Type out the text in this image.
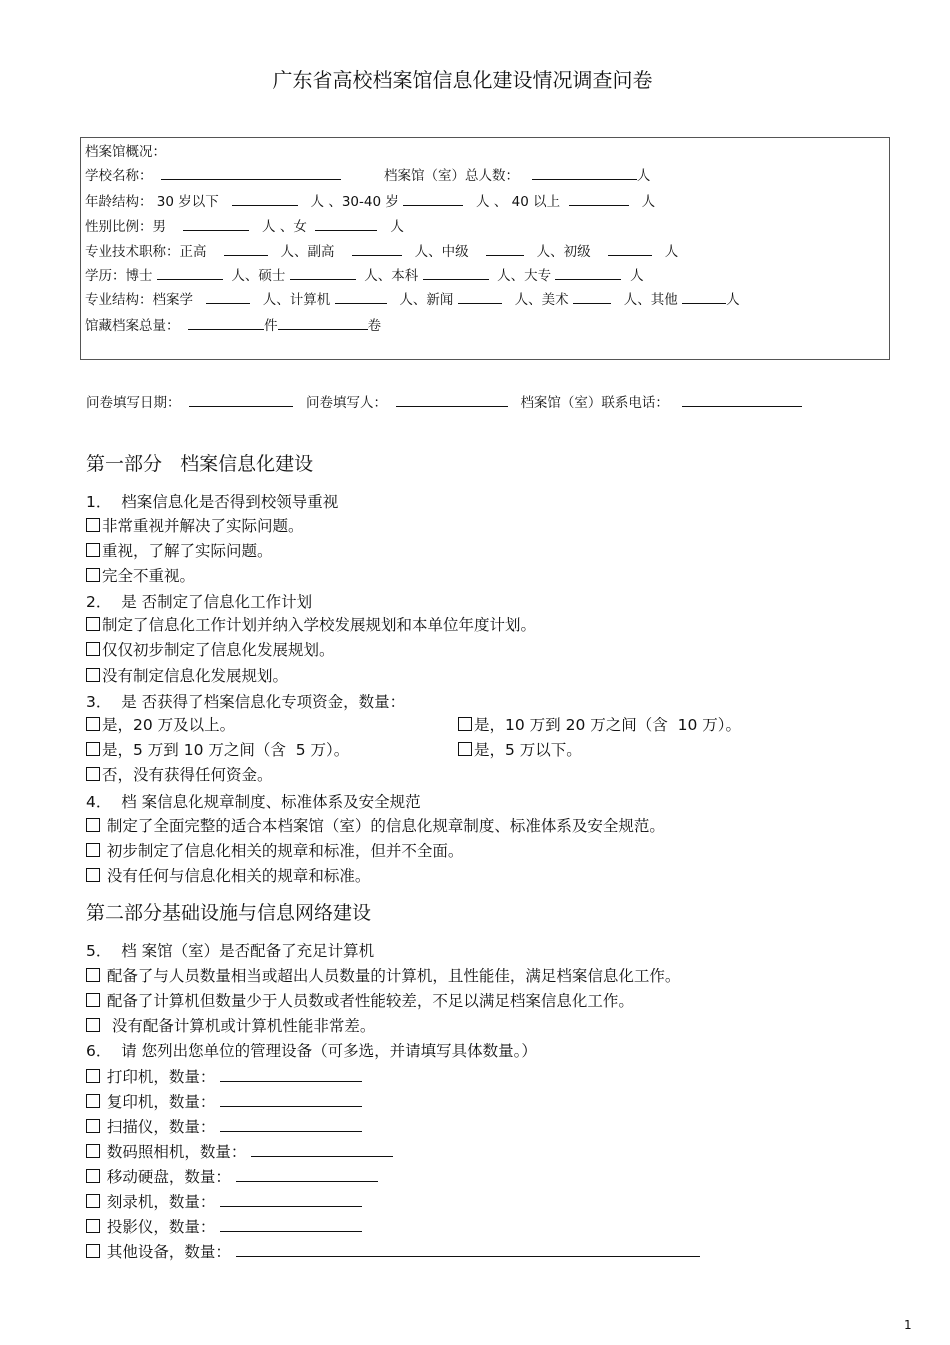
广东省高校档案馆信息化建设情况调查问卷
档案馆概况：
学校名称：	档案馆（室）总人数：	人
年龄结构： 30 岁以下	人 、30-40 岁	人 、 40 以上	人
性别比例：男	人 、女	人
专业技术职称：正高	人、副高	人、中级	人、初级	人
学历：博士	人、硕士	人、本科	人、大专	人
专业结构：档案学	人、计算机	人、新闻	人、美术	人、其他	人
馆藏档案总量：	件	卷
问卷填写日期：	问卷填写人：	档案馆（室）联系电话：
第一部分   档案信息化建设
1．  档案信息化是否得到校领导重视
非常重视并解决了实际问题。
重视，了解了实际问题。
完全不重视。
2．  是 否制定了信息化工作计划
制定了信息化工作计划并纳入学校发展规划和本单位年度计划。
仅仅初步制定了信息化发展规划。
没有制定信息化发展规划。
3．  是 否获得了档案信息化专项资金，数量：
是，20 万及以上。	是，10 万到 20 万之间（含  10 万）。
是，5 万到 10 万之间（含  5 万）。	是，5 万以下。
否，没有获得任何资金。
4．  档 案信息化规章制度、标准体系及安全规范
制定了全面完整的适合本档案馆（室）的信息化规章制度、标准体系及安全规范。
初步制定了信息化相关的规章和标准，但并不全面。
没有任何与信息化相关的规章和标准。
第二部分基础设施与信息网络建设
5．  档 案馆（室）是否配备了充足计算机
配备了与人员数量相当或超出人员数量的计算机，且性能佳，满足档案信息化工作。
配备了计算机但数量少于人员数或者性能较差，不足以满足档案信息化工作。
没有配备计算机或计算机性能非常差。
6．  请 您列出您单位的管理设备（可多选，并请填写具体数量。）
打印机，数量：
复印机，数量：
扫描仪，数量：
数码照相机，数量：
移动硬盘，数量：
刻录机，数量：
投影仪，数量：
其他设备，数量：
1
